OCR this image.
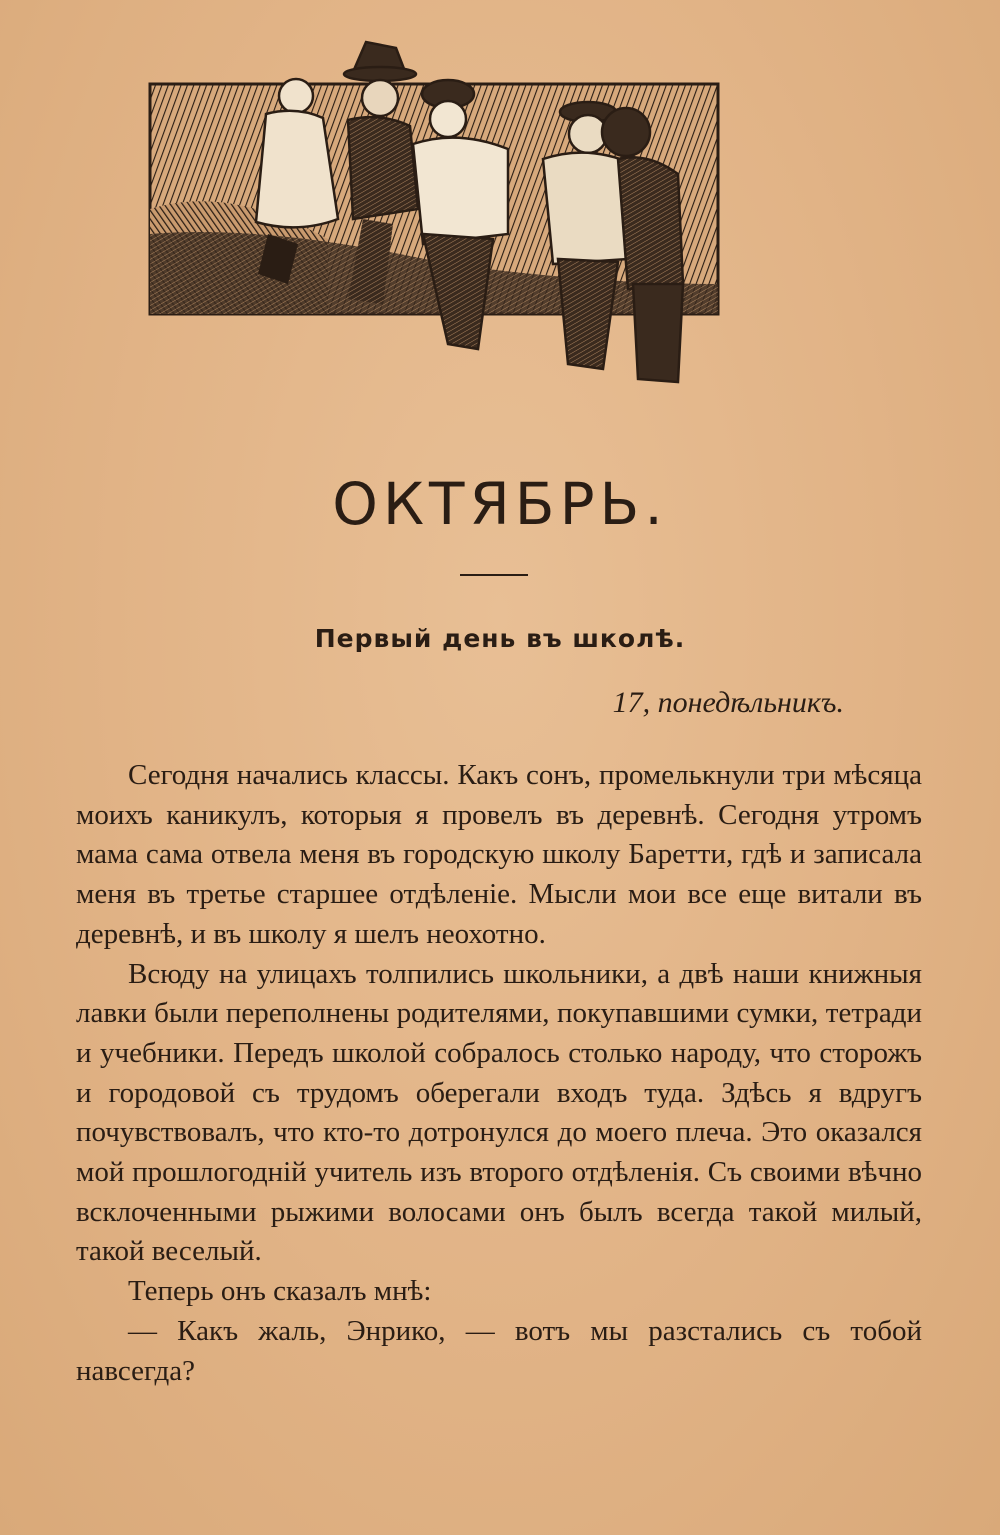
ОКТЯБРЬ.
Первый день въ школѣ.
17, понедѣльникъ.

Сегодня начались классы. Какъ сонъ, промелькнули три мѣсяца моихъ каникулъ, которыя я провелъ въ деревнѣ. Сегодня утромъ мама сама отвела меня въ городскую школу Баретти, гдѣ и записала меня въ третье старшее отдѣленіе. Мысли мои все еще витали въ деревнѣ, и въ школу я шелъ неохотно.

Всюду на улицахъ толпились школьники, а двѣ наши книжныя лавки были переполнены родителями, покупавшими сумки, тетради и учебники. Передъ школой собралось столько народу, что сторожъ и городовой съ трудомъ оберегали входъ туда. Здѣсь я вдругъ почувствовалъ, что кто-то дотронулся до моего плеча. Это оказался мой прошлогоднiй учитель изъ второго отдѣленія. Съ своими вѣчно всклоченными рыжими волосами онъ былъ всегда такой милый, такой веселый.

Теперь онъ сказалъ мнѣ:

— Какъ жаль, Энрико, — вотъ мы разстались съ тобой навсегда?
